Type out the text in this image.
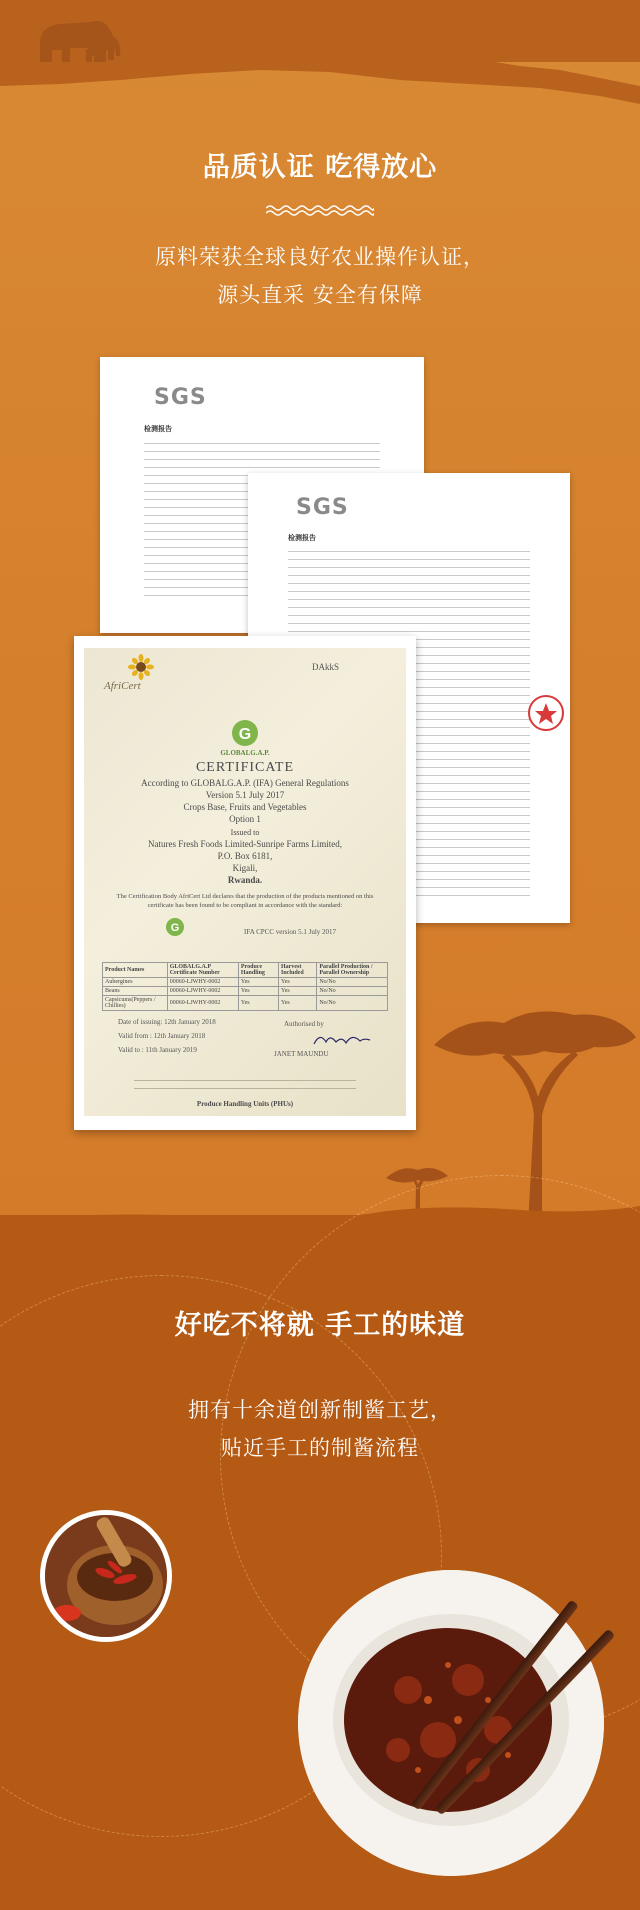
品质认证 吃得放心
原料荣获全球良好农业操作认证，
源头直采 安全有保障
SGS
检测报告
SGS
检测报告
AfriCert
DAkkS
G
GLOBALG.A.P.
CERTIFICATE
According to GLOBALG.A.P. (IFA) General Regulations
Version 5.1 July 2017
Crops Base, Fruits and Vegetables
Option 1
Issued to
Natures Fresh Foods Limited-Sunripe Farms Limited,
P.O. Box 6181,
Kigali,
Rwanda.
The Certification Body AfriCert Ltd declares that the production of the products mentioned on this certificate has been found to be compliant in accordance with the standard:
G	IFA CPCC version 5.1 July 2017
Product Names	GLOBALG.A.P Certificate Number	Produce Handling	Harvest Included	Parallel Production / Parallel Ownership
Aubergines	00060-LJWHY-0002	Yes	Yes	No/No
Beans	00060-LJWHY-0002	Yes	Yes	No/No
Capsicums(Peppers / Chillies)	00060-LJWHY-0002	Yes	Yes	No/No
Date of issuing: 12th January 2018
Valid from : 12th January 2018
Valid to : 11th January 2019
Authorised by
JANET MAUNDU
Produce Handling Units (PHUs)
好吃不将就 手工的味道
拥有十余道创新制酱工艺，
贴近手工的制酱流程
